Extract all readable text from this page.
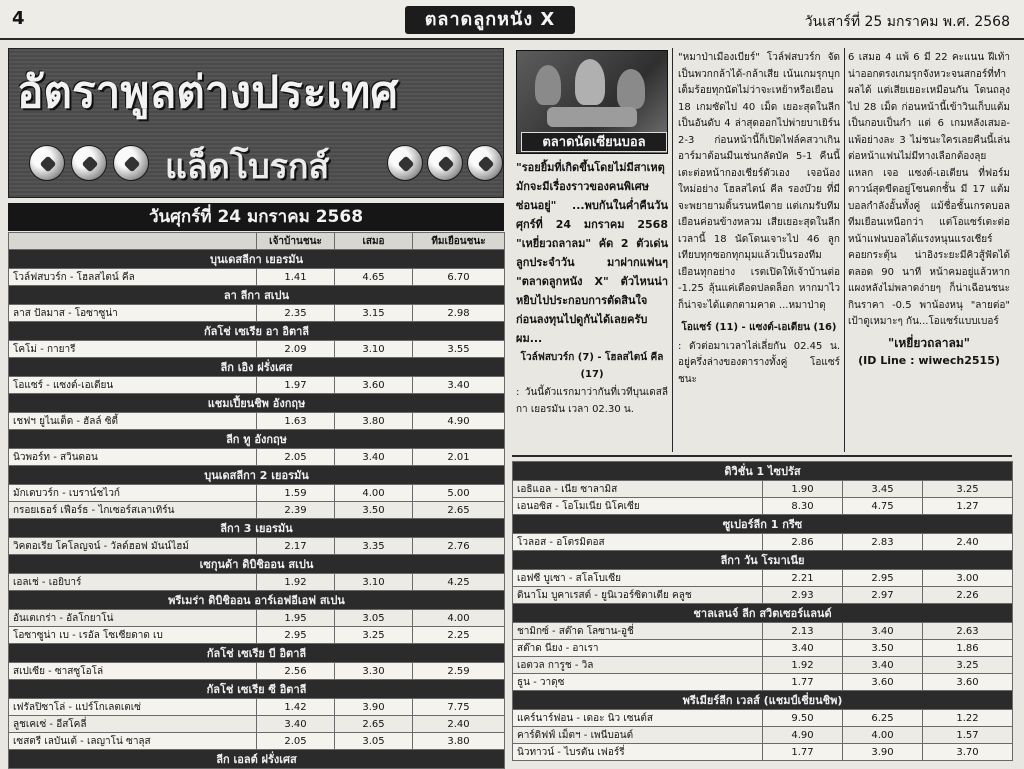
4	ตลาดลูกหนัง X	วันเสาร์ที่ 25 มกราคม พ.ศ. 2568
อัตราพูลต่างประเทศ
แล็ดโบรกส์
วันศุกร์ที่ 24 มกราคม 2568
	เจ้าบ้านชนะ	เสมอ	ทีมเยือนชนะ
บุนเดสลีกา เยอรมัน			
โวล์ฟสบวร์ก - โฮลสไตน์ คีล	1.41	4.65	6.70
ลา ลีกา สเปน			
ลาส ปัลมาส - โอซาซูน่า	2.35	3.15	2.98
กัลโช่ เซเรีย อา อิตาลี			
โคโม่ - กายารี	2.09	3.10	3.55
ลีก เอิง ฝรั่งเศส			
โอแซร์ - แซงต์-เอเตียน	1.97	3.60	3.40
แชมเปี้ยนชิพ อังกฤษ			
เชฟฯ ยูไนเต็ด - ฮัลล์ ซิตี้	1.63	3.80	4.90
ลีก ทู อังกฤษ			
นิวพอร์ท - สวินดอน	2.05	3.40	2.01
บุนเดสลีกา 2 เยอรมัน			
มักเดบวร์ก - เบราน์ชไวก์	1.59	4.00	5.00
กรอยเธอร์ เฟือร์ธ - ไกเซอร์สเลาเทิร์น	2.39	3.50	2.65
ลีกา 3 เยอรมัน			
วิคตอเรีย โคโลญจน์ - วัลด์ฮอฟ มันน์ไฮม์	2.17	3.35	2.76
เซกุนด้า ดิบิชิออน สเปน			
เอลเช่ - เอยิบาร์	1.92	3.10	4.25
พรีเมร่า ดิบิชิออน อาร์เอฟอีเอฟ สเปน			
อันเตเกร่า - อัลโกยาโน่	1.95	3.05	4.00
โอซาซูน่า เบ - เรอัล โซเซียดาด เบ	2.95	3.25	2.25
กัลโช่ เซเรีย บี อิตาลี			
สเปเซีย - ซาสซูโอโล่	2.56	3.30	2.59
กัลโช่ เซเรีย ซี อิตาลี			
เฟรัลปิซาโล่ - แปร์โกเลตเตเซ่	1.42	3.90	7.75
ลูชเคเซ่ - อีสโคลี่	3.40	2.65	2.40
เซสตรี เลบันเต้ - เลญาโน่ ซาลุส	2.05	3.05	3.80
ลีก เอลต์ ฝรั่งเศส			
ตลาดนัดเซียนบอล

"รอยยิ้มที่เกิดขึ้นโดยไม่มีสาเหตุ มักจะมีเรื่องราวของคนพิเศษซ่อนอยู่" ...พบกันในค่ำคืนวันศุกร์ที่ 24 มกราคม 2568 "เหยี่ยวถลาลม" คัด 2 ตัวเด่นลูกประจำวัน มาฝากแฟนๆ "ตลาดลูกหนัง X" ตัวไหนน่าหยิบไปประกอบการตัดสินใจก่อนลงทุนไปดูกันได้เลยครับผม...

โวล์ฟสบวร์ก (7) - โฮลสไตน์ คีล (17)

: วันนี้ตัวแรกมาว่ากันที่เวทีบุนเดสลีกา เยอรมัน เวลา 02.30 น.

"หมาป่าเมืองเบียร์" โวล์ฟสบวร์ก จัดเป็นพวกกล้าได้-กล้าเสีย เน้นเกมรุกบุกเต็มร้อยทุกนัดไม่ว่าจะเหย้าหรือเยือน 18 เกมซัดไป 40 เม็ด เยอะสุดในลีกเป็นอันดับ 4 ล่าสุดออกไปพ่ายบาเยิร์น 2-3 ก่อนหน้านี้ก็เปิดไฟล์คสวาเกิน อาร์มาต้อนมืนเช่นกลัดบัค 5-1 คืนนี้เตะต่อหน้ากองเชียร์ตัวเอง เจอน้องใหม่อย่าง โฮลสไตน์ คีล รองบ๊วย ที่มีจะพยายามดิ้นรนหนีตาย แต่เกมรับทีมเยือนค่อนข้างหลวม เสียเยอะสุดในลีกเวลานี้ 18 นัดโดนเจาะไป 46 ลูก เทียบทุกซอกทุกมุมแล้วเป็นรองทีมเยือนทุกอย่าง เรตเปิดให้เจ้าบ้านต่อ -1.25 ลุ้นแค่เดือดปลดล็อก หากมาไวก็น่าจะได้แตกตามคาด ...หมาป่าดุ

โอแซร์ (11) - แซงต์-เอเตียน (16)

: ตัวต่อมาเวลาไล่เลี่ยกัน 02.45 น. อยู่ครึ่งล่างของตารางทั้งคู่ โอแซร์ ชนะ

6 เสมอ 4 แพ้ 6 มี 22 คะแนน ฝีเท้าน่าออกตรงเกมรุกจังหวะจนสกอร์ที่ทำผลได้ แต่เสียเยอะเหมือนกัน โดนถลุงไป 28 เม็ด ก่อนหน้านี้เข้าวินเก็บแต้มเป็นกอบเป็นกำ แต่ 6 เกมหลังเสมอ-แพ้อย่างละ 3 ไม่ชนะใครเลยคืนนี้เล่นต่อหน้าแฟนไม่มีทางเลือกต้องลุยแหลก เจอ แซงต์-เอเตียน ที่ฟอร์มดาวน์สุดขีดอยู่โซนตกชั้น มี 17 แต้มบอลกำลังอั้นทั้งคู่ แม้ชื่อชั้นเกรดบอลทีมเยือนเหนือกว่า แต่โอแซร์เตะต่อหน้าแฟนบอลได้แรงหนุนแรงเชียร์คอยกระตุ้น น่าอิงระยะมีคิวสู้ฟัดได้ตลอด 90 นาที หน้าคมอยู่แล้วหากแผงหลังไม่พลาดง่ายๆ ก็น่าเฉือนชนะกินราคา -0.5 พาน้องหนุ "ลายต่อ" เป้าดูเหมาะๆ กัน...โอแซร์แบบเบอร์

"เหยี่ยวถลาลม"

(ID Line : wiwech2515)

ดิวิชั่น 1 ไซปรัส			
เอธิแอล - เนีย ซาลามิส	1.90	3.45	3.25
เอนอซิส - โอโมเนีย นิโคเซีย	8.30	4.75	1.27
ซูเปอร์ลีก 1 กรีซ			
โวลอส - อโตรมิตอส	2.86	2.83	2.40
ลีกา วัน โรมาเนีย			
เอฟซี บูเซา - สโลโบเซีย	2.21	2.95	3.00
ดินาโม บูคาเรสต์ - ยูนิเวอร์ซิตาเตีย คลูช	2.93	2.97	2.26
ชาลเลนจ์ ลีก สวิตเซอร์แลนด์			
ชามิกซ์ - สต๊าด โลซาน-อูชี่	2.13	3.40	2.63
สต๊าด นียง - อาเรา	3.40	3.50	1.86
เอตวล การูช - วิล	1.92	3.40	3.25
ธูน - วาดุซ	1.77	3.60	3.60
พรีเมียร์ลีก เวลส์ (แชมป์เชี่ยนชิพ)			
แคร์นาร์ฟอน - เดอะ นิว เซนต์ส	9.50	6.25	1.22
คาร์ดิฟฟ์ เม็ตฯ - เพนีบอนต์	4.90	4.00	1.57
นิวทาวน์ - ไบรตัน เฟอร์รี่	1.77	3.90	3.70
